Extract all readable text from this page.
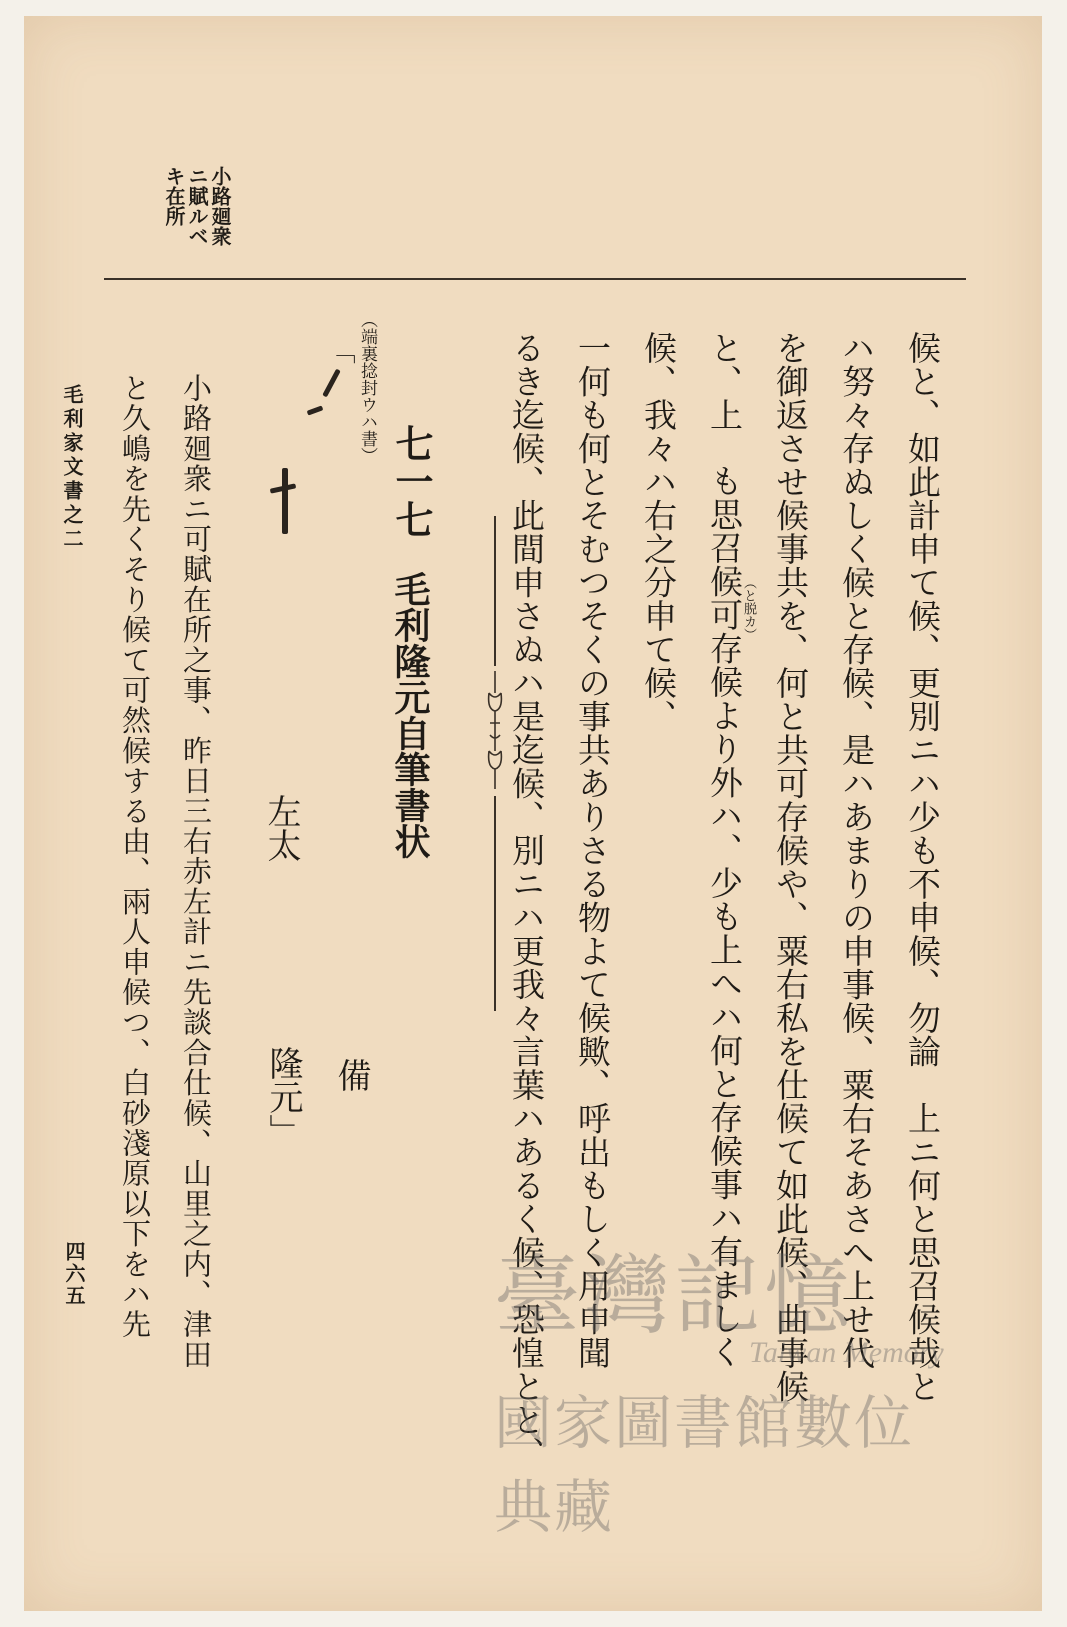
小路廻衆
ニ賦ルベ
キ在所
候と、如此計申て候、更別ニハ少も不申候、勿論　上ニ何と思召候哉と
ハ努々存ぬしく候と存候、是ハあまりの申事候、粟右そあさへ上せ代
を御返させ候事共を、何と共可存候や、粟右私を仕候て如此候、曲事候
と、上
（と脱カ）
も思召候可存候より外ハ、少も上へハ何と存候事ハ有ましく
候、我々ハ右之分申て候、
一何も何とそむつそくの事共ありさる物よて候歟、呼出もしく用申聞
るき迄候、此間申さぬハ是迄候、別ニハ更我々言葉ハあるく候、恐惶とと、
七一七
毛利隆元自筆書状
（端裏捻封ウハ書）
「
左太
備
隆元」
小路廻衆ニ可賦在所之事、昨日三右赤左計ニ先談合仕候、山里之内、津田
と久嶋を先くそり候て可然候する由、兩人申候つ、白砂淺原以下をハ先
毛利家文書之二
四六五	臺灣記憶
Taiwan Memory
國家圖書館數位典藏
